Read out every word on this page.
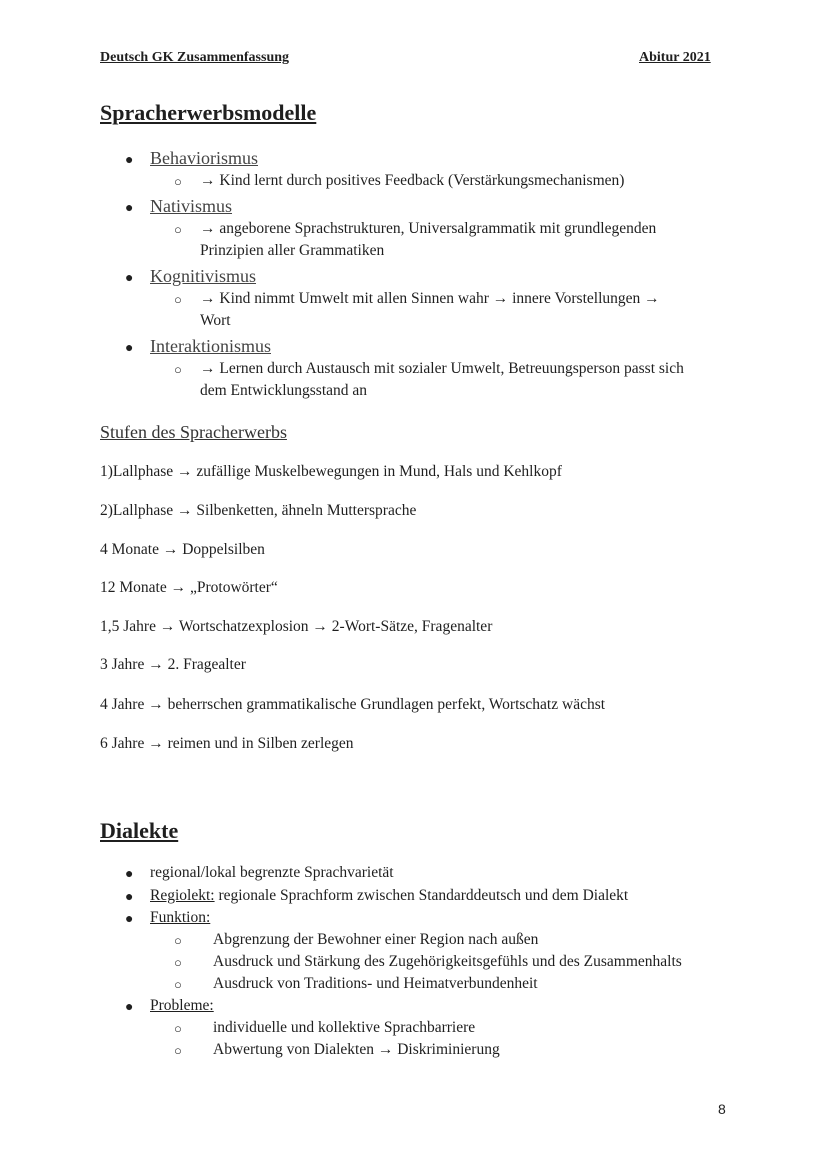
Deutsch GK Zusammenfassung	Abitur 2021
Spracherwerbsmodelle
● Behaviorismus
○ → Kind lernt durch positives Feedback (Verstärkungsmechanismen)
● Nativismus
○ → angeborene Sprachstrukturen, Universalgrammatik mit grundlegenden
Prinzipien aller Grammatiken
● Kognitivismus
○ → Kind nimmt Umwelt mit allen Sinnen wahr → innere Vorstellungen →
Wort
● Interaktionismus
○ → Lernen durch Austausch mit sozialer Umwelt, Betreuungsperson passt sich
dem Entwicklungsstand an
Stufen des Spracherwerbs
1)Lallphase → zufällige Muskelbewegungen in Mund, Hals und Kehlkopf
2)Lallphase → Silbenketten, ähneln Muttersprache
4 Monate → Doppelsilben
12 Monate → „Protowörter“
1,5 Jahre → Wortschatzexplosion → 2-Wort-Sätze, Fragenalter
3 Jahre → 2. Fragealter
4 Jahre → beherrschen grammatikalische Grundlagen perfekt, Wortschatz wächst
6 Jahre → reimen und in Silben zerlegen
Dialekte
● regional/lokal begrenzte Sprachvarietät
● Regiolekt: regionale Sprachform zwischen Standarddeutsch und dem Dialekt
● Funktion:
○ Abgrenzung der Bewohner einer Region nach außen
○ Ausdruck und Stärkung des Zugehörigkeitsgefühls und des Zusammenhalts
○ Ausdruck von Traditions- und Heimatverbundenheit
● Probleme:
○ individuelle und kollektive Sprachbarriere
○ Abwertung von Dialekten → Diskriminierung
8
